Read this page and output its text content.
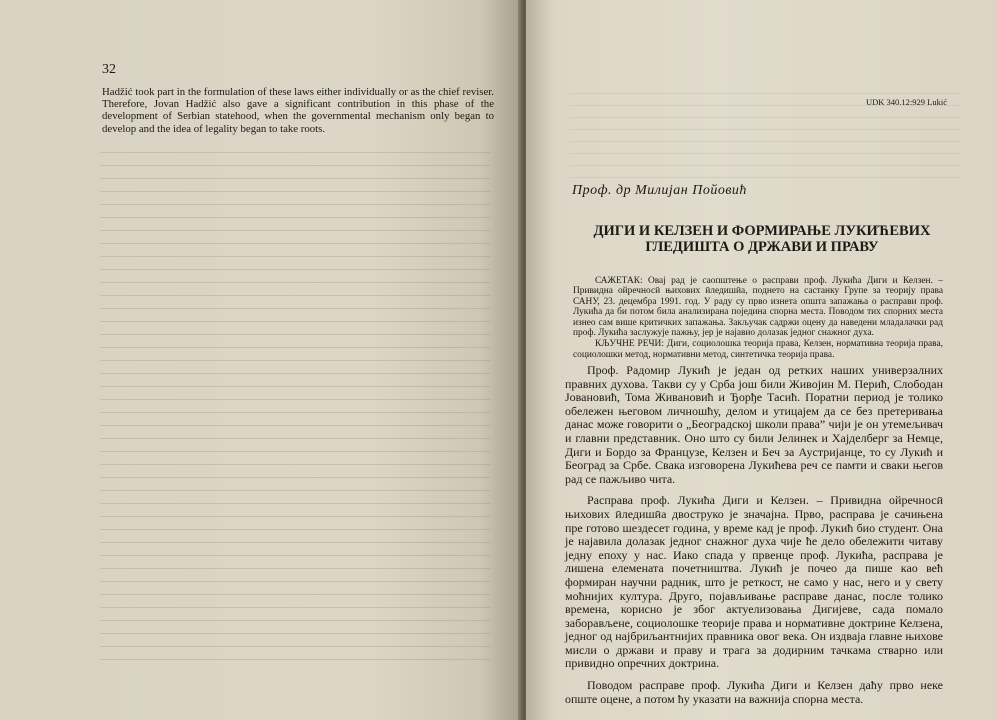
32

Hadžić took part in the formulation of these laws either individually or as the chief reviser. Therefore, Jovan Hadžić also gave a significant contribution in this phase of the development of Serbian statehood, when the governmental mechanism only began to develop and the idea of legality began to take roots.

UDK 340.12:929 Lukić
Проф. др Милијан Пойовић
ДИГИ И КЕЛЗЕН И ФОРМИРАЊЕ ЛУКИЋЕВИХ ГЛЕДИШТА О ДРЖАВИ И ПРАВУ

САЖЕТАК: Овај рад је саопштење о расправи проф. Лукића Диги и Келзен. – Привидна ойречносӣ њихових ӣледишӣа, поднето на састанку Групе за теорију права САНУ, 23. децембра 1991. год. У раду су прво изнета општа запажања о расправи проф. Лукића да би потом била анализирана поједина спорна места. Поводом тих спорних места изнео сам више критичких запажања. Закључак садржи оцену да наведени младалачки рад проф. Лукића заслужује пажњу, јер је најавио долазак једног снажног духа.

КЉУЧНЕ РЕЧИ: Диги, социолошка теорија права, Келзен, нормативна теорија права, социолошки метод, нормативни метод, синтетичка теорија права.

Проф. Радомир Лукић је један од ретких наших универзалних правних духова. Такви су у Срба још били Живојин М. Перић, Слободан Јовановић, Тома Живановић и Ђорђе Тасић. Поратни период је толико обележен његовом личношћу, делом и утицајем да се без претеривања данас може говорити о „Београдској школи права” чији је он утемељивач и главни представник. Оно што су били Јелинек и Хајделберг за Немце, Диги и Бордо за Французе, Келзен и Беч за Аустријанце, то су Лукић и Београд за Србе. Свака изговорена Лукићева реч се памти и сваки његов рад се пажљиво чита.

Расправа проф. Лукића Диги и Келзен. – Привидна ойречносӣ њихових ӣледишӣа двоструко је значајна. Прво, расправа је сачињена пре готово шездесет година, у време кад је проф. Лукић био студент. Она је најавила долазак једног снажног духа чије ће дело обележити читаву једну епоху у нас. Иако спада у првенце проф. Лукића, расправа је лишена елемената почетништва. Лукић је почео да пише као већ формиран научни радник, што је реткост, не само у нас, него и у свету моћнијих култура. Друго, појављивање расправе данас, после толико времена, корисно је због актуелизовања Дигијеве, сада помало заборављене, социолошке теорије права и нормативне доктрине Келзена, једног од најбриљантнијих правника овог века. Он издваја главне њихове мисли о држави и праву и трага за додирним тачкама стварно или привидно опречних доктрина.

Поводом расправе проф. Лукића Диги и Келзен даћу прво неке опште оцене, а потом ћу указати на важнија спорна места.
